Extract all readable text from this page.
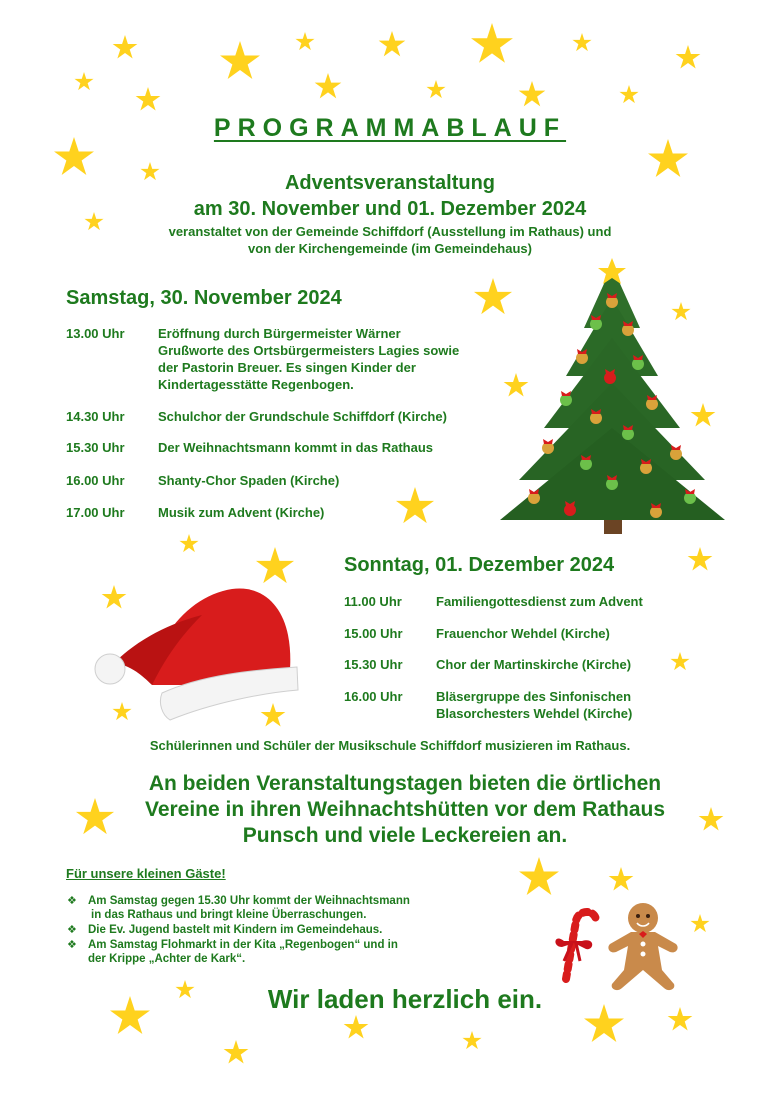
PROGRAMMABLAUF
Adventsveranstaltung
am 30. November und 01. Dezember 2024
veranstaltet von der Gemeinde Schiffdorf (Ausstellung im Rathaus) und
von der Kirchengemeinde (im Gemeindehaus)
Samstag, 30. November 2024
13.00 Uhr	Eröffnung durch Bürgermeister Wärner
Grußworte des Ortsbürgermeisters Lagies sowie
der Pastorin Breuer. Es singen Kinder der
Kindertagesstätte Regenbogen.
14.30 Uhr	Schulchor der Grundschule Schiffdorf (Kirche)
15.30 Uhr	Der Weihnachtsmann kommt in das Rathaus
16.00 Uhr	Shanty-Chor Spaden (Kirche)
17.00 Uhr	Musik zum Advent (Kirche)
Sonntag, 01. Dezember 2024
11.00 Uhr	Familiengottesdienst zum Advent
15.00 Uhr	Frauenchor Wehdel (Kirche)
15.30 Uhr	Chor der Martinskirche (Kirche)
16.00 Uhr	Bläsergruppe des Sinfonischen
Blasorchesters Wehdel (Kirche)
Schülerinnen und Schüler der Musikschule Schiffdorf musizieren im Rathaus.
An beiden Veranstaltungstagen bieten die örtlichen
Vereine in ihren Weihnachtshütten vor dem Rathaus
Punsch und viele Leckereien an.
Für unsere kleinen Gäste!
❖ Am Samstag gegen 15.30 Uhr kommt der Weihnachtsmann
in das Rathaus und bringt kleine Überraschungen.
❖ Die Ev. Jugend bastelt mit Kindern im Gemeindehaus.
❖ Am Samstag Flohmarkt in der Kita „Regenbogen“ und in
der Krippe „Achter de Kark“.
Wir laden herzlich ein.
